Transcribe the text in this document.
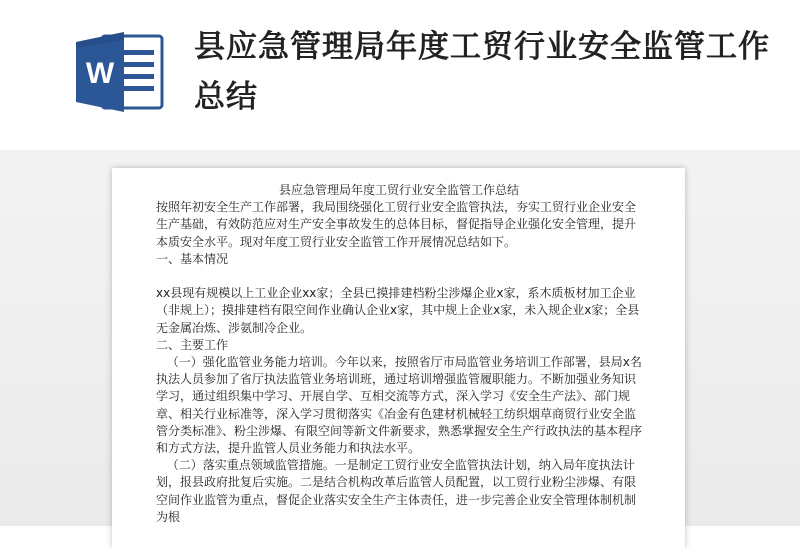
W
县应急管理局年度工贸行业安全监管工作总结

县应急管理局年度工贸行业安全监管工作总结

按照年初安全生产工作部署，我局围绕强化工贸行业安全监管执法，夯实工贸行业企业安全生产基础，有效防范应对生产安全事故发生的总体目标，督促指导企业强化安全管理，提升本质安全水平。现对年度工贸行业安全监管工作开展情况总结如下。

一、基本情况

xx县现有规模以上工业企业xx家；全县已摸排建档粉尘涉爆企业x家，系木质板材加工企业（非规上）；摸排建档有限空间作业确认企业x家，其中规上企业x家，未入规企业x家；全县无金属冶炼、涉氨制冷企业。

二、主要工作

（一）强化监管业务能力培训。今年以来，按照省厅市局监管业务培训工作部署，县局x名执法人员参加了省厅执法监管业务培训班，通过培训增强监管履职能力。不断加强业务知识学习，通过组织集中学习、开展自学、互相交流等方式，深入学习《安全生产法》、部门规章、相关行业标准等，深入学习贯彻落实《冶金有色建材机械轻工纺织烟草商贸行业安全监管分类标准》、粉尘涉爆、有限空间等新文件新要求，熟悉掌握安全生产行政执法的基本程序和方式方法，提升监管人员业务能力和执法水平。

（二）落实重点领域监管措施。一是制定工贸行业安全监管执法计划，纳入局年度执法计划，报县政府批复后实施。二是结合机构改革后监管人员配置，以工贸行业粉尘涉爆、有限空间作业监管为重点，督促企业落实安全生产主体责任，进一步完善企业安全管理体制机制为根
